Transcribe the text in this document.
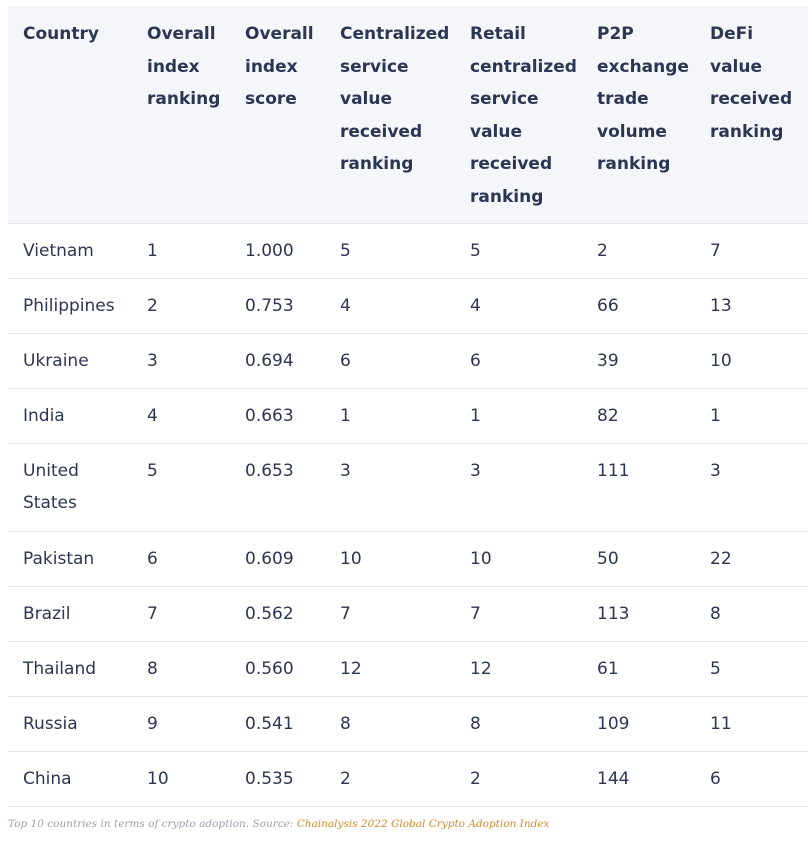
Country	Overall index ranking	Overall index score	Centralized service value received ranking	Retail centralized service value received ranking	P2P exchange trade volume ranking	DeFi value received ranking
Vietnam	1	1.000	5	5	2	7
Philippines	2	0.753	4	4	66	13
Ukraine	3	0.694	6	6	39	10
India	4	0.663	1	1	82	1
United States	5	0.653	3	3	111	3
Pakistan	6	0.609	10	10	50	22
Brazil	7	0.562	7	7	113	8
Thailand	8	0.560	12	12	61	5
Russia	9	0.541	8	8	109	11
China	10	0.535	2	2	144	6
Top 10 countries in terms of crypto adoption. Source: Chainalysis 2022 Global Crypto Adoption Index
